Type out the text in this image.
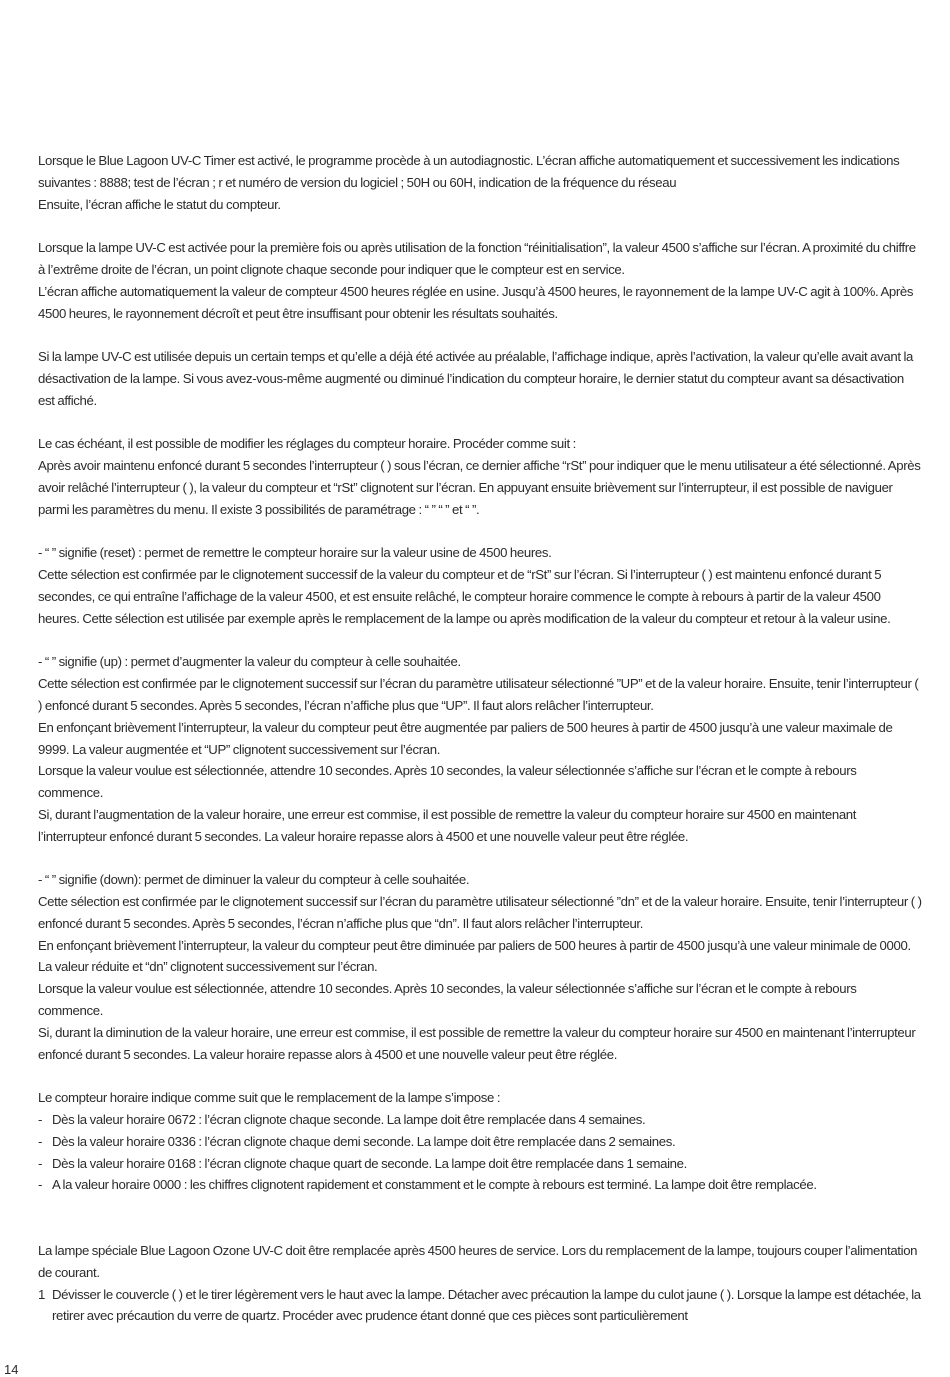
Lorsque le Blue Lagoon UV-C Timer est activé, le programme procède à un autodiagnostic. L’écran affiche automatiquement et successivement les indications suivantes : 8888; test de l’écran ; r et numéro de version du logiciel ; 50H ou 60H, indication de la fréquence du réseau

Ensuite, l’écran affiche le statut du compteur.

Lorsque la lampe UV-C est activée pour la première fois ou après utilisation de la fonction “réinitialisation”, la valeur 4500 s’affiche sur l’écran. A proximité du chiffre à l’extrême droite de l’écran, un point clignote chaque seconde pour indiquer que le compteur est en service.

L’écran affiche automatiquement la valeur de compteur 4500 heures réglée en usine. Jusqu’à 4500 heures, le rayonnement de la lampe UV-C agit à 100%. Après 4500 heures, le rayonnement décroît et peut être insuffisant pour obtenir les résultats souhaités.

Si la lampe UV-C est utilisée depuis un certain temps et qu’elle a déjà été activée au préalable, l’affichage indique, après l’activation, la valeur qu’elle avait avant la désactivation de la lampe. Si vous avez-vous-même augmenté ou diminué l’indication du compteur horaire, le dernier statut du compteur avant sa désactivation est affiché.

Le cas échéant, il est possible de modifier les réglages du compteur horaire. Procéder comme suit :

Après avoir maintenu enfoncé durant 5 secondes l’interrupteur ( ) sous l’écran, ce dernier affiche “rSt” pour indiquer que le menu utilisateur a été sélectionné. Après avoir relâché l’interrupteur ( ), la valeur du compteur et “rSt” clignotent sur l’écran. En appuyant ensuite brièvement sur l’interrupteur, il est possible de naviguer parmi les paramètres du menu. Il existe 3 possibilités de paramétrage : “ ” “ ” et “ ”.

- “ ” signifie (reset) : permet de remettre le compteur horaire sur la valeur usine de 4500 heures.

Cette sélection est confirmée par le clignotement successif de la valeur du compteur et de “rSt” sur l’écran. Si l’interrupteur ( ) est maintenu enfoncé durant 5 secondes, ce qui entraîne l’affichage de la valeur 4500, et est ensuite relâché, le compteur horaire commence le compte à rebours à partir de la valeur 4500 heures. Cette sélection est utilisée par exemple après le remplacement de la lampe ou après modification de la valeur du compteur et retour à la valeur usine.

- “ ” signifie (up) : permet d’augmenter la valeur du compteur à celle souhaitée.

Cette sélection est confirmée par le clignotement successif sur l’écran du paramètre utilisateur sélectionné ”UP” et de la valeur horaire. Ensuite, tenir l’interrupteur ( ) enfoncé durant 5 secondes. Après 5 secondes, l’écran n’affiche plus que “UP”. Il faut alors relâcher l’interrupteur.

En enfonçant brièvement l’interrupteur, la valeur du compteur peut être augmentée par paliers de 500 heures à partir de 4500 jusqu’à une valeur maximale de 9999. La valeur augmentée et “UP” clignotent successivement sur l’écran.

Lorsque la valeur voulue est sélectionnée, attendre 10 secondes. Après 10 secondes, la valeur sélectionnée s’affiche sur l’écran et le compte à rebours commence.

Si, durant l’augmentation de la valeur horaire, une erreur est commise, il est possible de remettre la valeur du compteur horaire sur 4500 en maintenant l’interrupteur enfoncé durant 5 secondes. La valeur horaire repasse alors à 4500 et une nouvelle valeur peut être réglée.

- “ ” signifie (down): permet de diminuer la valeur du compteur à celle souhaitée.

Cette sélection est confirmée par le clignotement successif sur l’écran du paramètre utilisateur sélectionné ”dn” et de la valeur horaire. Ensuite, tenir l’interrupteur ( ) enfoncé durant 5 secondes. Après 5 secondes, l’écran n’affiche plus que “dn”. Il faut alors relâcher l’interrupteur.

En enfonçant brièvement l’interrupteur, la valeur du compteur peut être diminuée par paliers de 500 heures à partir de 4500 jusqu’à une valeur minimale de 0000. La valeur réduite et “dn” clignotent successivement sur l’écran.

Lorsque la valeur voulue est sélectionnée, attendre 10 secondes. Après 10 secondes, la valeur sélectionnée s’affiche sur l’écran et le compte à rebours commence.

Si, durant la diminution de la valeur horaire, une erreur est commise, il est possible de remettre la valeur du compteur horaire sur 4500 en maintenant l’interrupteur enfoncé durant 5 secondes. La valeur horaire repasse alors à 4500 et une nouvelle valeur peut être réglée.

Le compteur horaire indique comme suit que le remplacement de la lampe s’impose :

- Dès la valeur horaire 0672 : l’écran clignote chaque seconde. La lampe doit être remplacée dans 4 semaines.
- Dès la valeur horaire 0336 : l’écran clignote chaque demi seconde. La lampe doit être remplacée dans 2 semaines.
- Dès la valeur horaire 0168 : l’écran clignote chaque quart de seconde. La lampe doit être remplacée dans 1 semaine.
- A la valeur horaire 0000 : les chiffres clignotent rapidement et constamment et le compte à rebours est terminé. La lampe doit être remplacée.

La lampe spéciale Blue Lagoon Ozone UV-C doit être remplacée après 4500 heures de service. Lors du remplacement de la lampe, toujours couper l’alimentation de courant.

1 Dévisser le couvercle ( ) et le tirer légèrement vers le haut avec la lampe. Détacher avec précaution la lampe du culot jaune ( ). Lorsque la lampe est détachée, la retirer avec précaution du verre de quartz. Procéder avec prudence étant donné que ces pièces sont particulièrement
14
